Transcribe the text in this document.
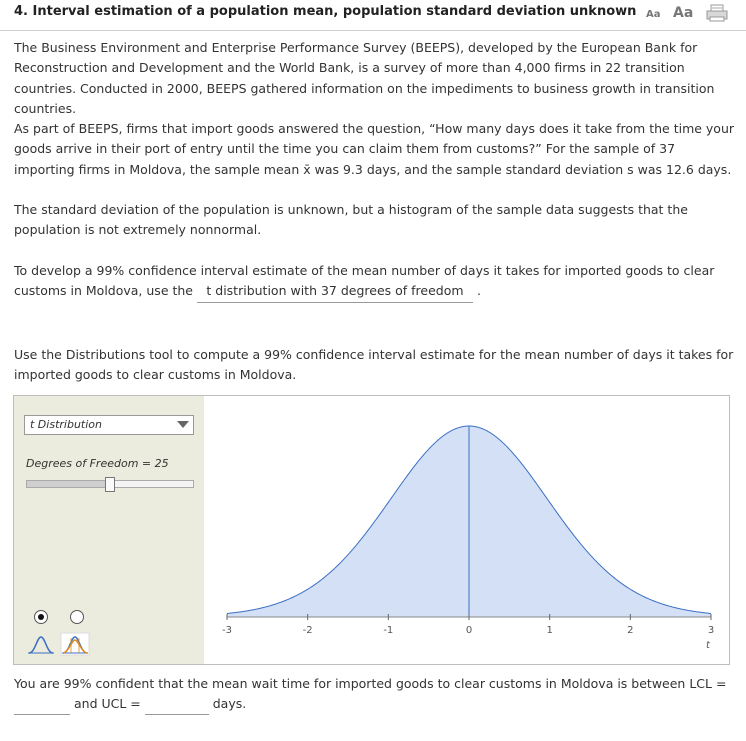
4. Interval estimation of a population mean, population standard deviation unknown Aa Aa

The Business Environment and Enterprise Performance Survey (BEEPS), developed by the European Bank for Reconstruction and Development and the World Bank, is a survey of more than 4,000 firms in 22 transition countries. Conducted in 2000, BEEPS gathered information on the impediments to business growth in transition countries.

As part of BEEPS, firms that import goods answered the question, “How many days does it take from the time your goods arrive in their port of entry until the time you can claim them from customs?” For the sample of 37 importing firms in Moldova, the sample mean x̄ was 9.3 days, and the sample standard deviation s was 12.6 days.

The standard deviation of the population is unknown, but a histogram of the sample data suggests that the population is not extremely nonnormal.

To develop a 99% confidence interval estimate of the mean number of days it takes for imported goods to clear customs in Moldova, use the t distribution with 37 degrees of freedom .

Use the Distributions tool to compute a 99% confidence interval estimate for the mean number of days it takes for imported goods to clear customs in Moldova.

t Distribution
Degrees of Freedom = 25
-3	-2	-1	0	1	2	3
t

You are 99% confident that the mean wait time for imported goods to clear customs in Moldova is between LCL =  and UCL =	days.
